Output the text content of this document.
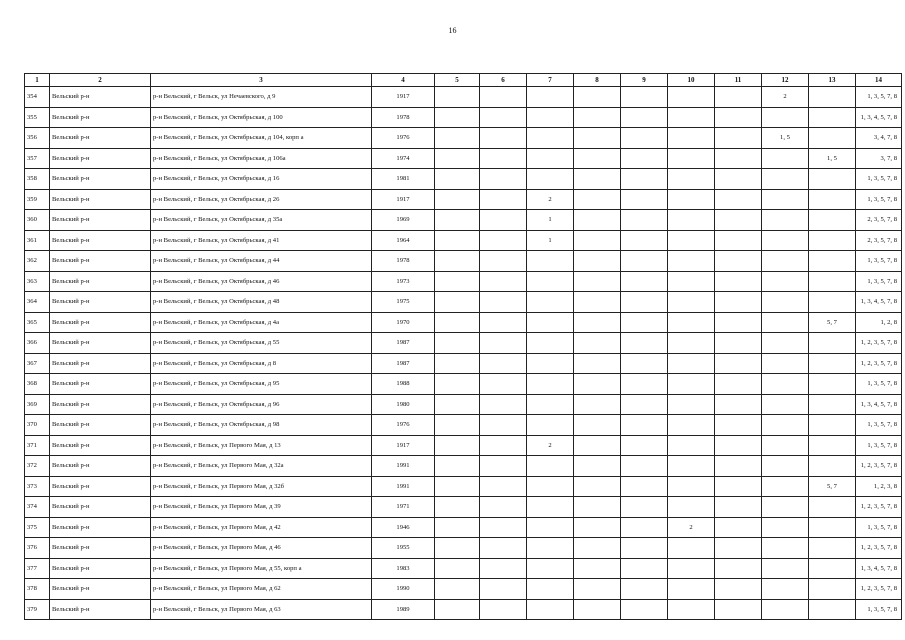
16
1	2	3	4	5	6	7	8	9	10	11	12	13	14
354	Вельский р-н	р-н Вельский, г Вельск, ул Нечаевского, д 9	1917								2		1, 3, 5, 7, 8
355	Вельский р-н	р-н Вельский, г Вельск, ул Октябрьская, д 100	1978										1, 3, 4, 5, 7, 8
356	Вельский р-н	р-н Вельский, г Вельск, ул Октябрьская, д 104, корп а	1976								1, 5		3, 4, 7, 8
357	Вельский р-н	р-н Вельский, г Вельск, ул Октябрьская, д 106а	1974									1, 5	3, 7, 8
358	Вельский р-н	р-н Вельский, г Вельск, ул Октябрьская, д 16	1981										1, 3, 5, 7, 8
359	Вельский р-н	р-н Вельский, г Вельск, ул Октябрьская, д 26	1917			2							1, 3, 5, 7, 8
360	Вельский р-н	р-н Вельский, г Вельск, ул Октябрьская, д 35а	1969			1							2, 3, 5, 7, 8
361	Вельский р-н	р-н Вельский, г Вельск, ул Октябрьская, д 41	1964			1							2, 3, 5, 7, 8
362	Вельский р-н	р-н Вельский, г Вельск, ул Октябрьская, д 44	1978										1, 3, 5, 7, 8
363	Вельский р-н	р-н Вельский, г Вельск, ул Октябрьская, д 46	1973										1, 3, 5, 7, 8
364	Вельский р-н	р-н Вельский, г Вельск, ул Октябрьская, д 48	1975										1, 3, 4, 5, 7, 8
365	Вельский р-н	р-н Вельский, г Вельск, ул Октябрьская, д 4а	1970									5, 7	1, 2, 8
366	Вельский р-н	р-н Вельский, г Вельск, ул Октябрьская, д 55	1987										1, 2, 3, 5, 7, 8
367	Вельский р-н	р-н Вельский, г Вельск, ул Октябрьская, д 8	1987										1, 2, 3, 5, 7, 8
368	Вельский р-н	р-н Вельский, г Вельск, ул Октябрьская, д 95	1988										1, 3, 5, 7, 8
369	Вельский р-н	р-н Вельский, г Вельск, ул Октябрьская, д 96	1980										1, 3, 4, 5, 7, 8
370	Вельский р-н	р-н Вельский, г Вельск, ул Октябрьская, д 98	1976										1, 3, 5, 7, 8
371	Вельский р-н	р-н Вельский, г Вельск, ул Первого Мая, д 13	1917			2							1, 3, 5, 7, 8
372	Вельский р-н	р-н Вельский, г Вельск, ул Первого Мая, д 32а	1991										1, 2, 3, 5, 7, 8
373	Вельский р-н	р-н Вельский, г Вельск, ул Первого Мая, д 32б	1991									5, 7	1, 2, 3, 8
374	Вельский р-н	р-н Вельский, г Вельск, ул Первого Мая, д 39	1971										1, 2, 3, 5, 7, 8
375	Вельский р-н	р-н Вельский, г Вельск, ул Первого Мая, д 42	1946						2				1, 3, 5, 7, 8
376	Вельский р-н	р-н Вельский, г Вельск, ул Первого Мая, д 46	1955										1, 2, 3, 5, 7, 8
377	Вельский р-н	р-н Вельский, г Вельск, ул Первого Мая, д 55, корп а	1983										1, 3, 4, 5, 7, 8
378	Вельский р-н	р-н Вельский, г Вельск, ул Первого Мая, д 62	1990										1, 2, 3, 5, 7, 8
379	Вельский р-н	р-н Вельский, г Вельск, ул Первого Мая, д 63	1989										1, 3, 5, 7, 8
